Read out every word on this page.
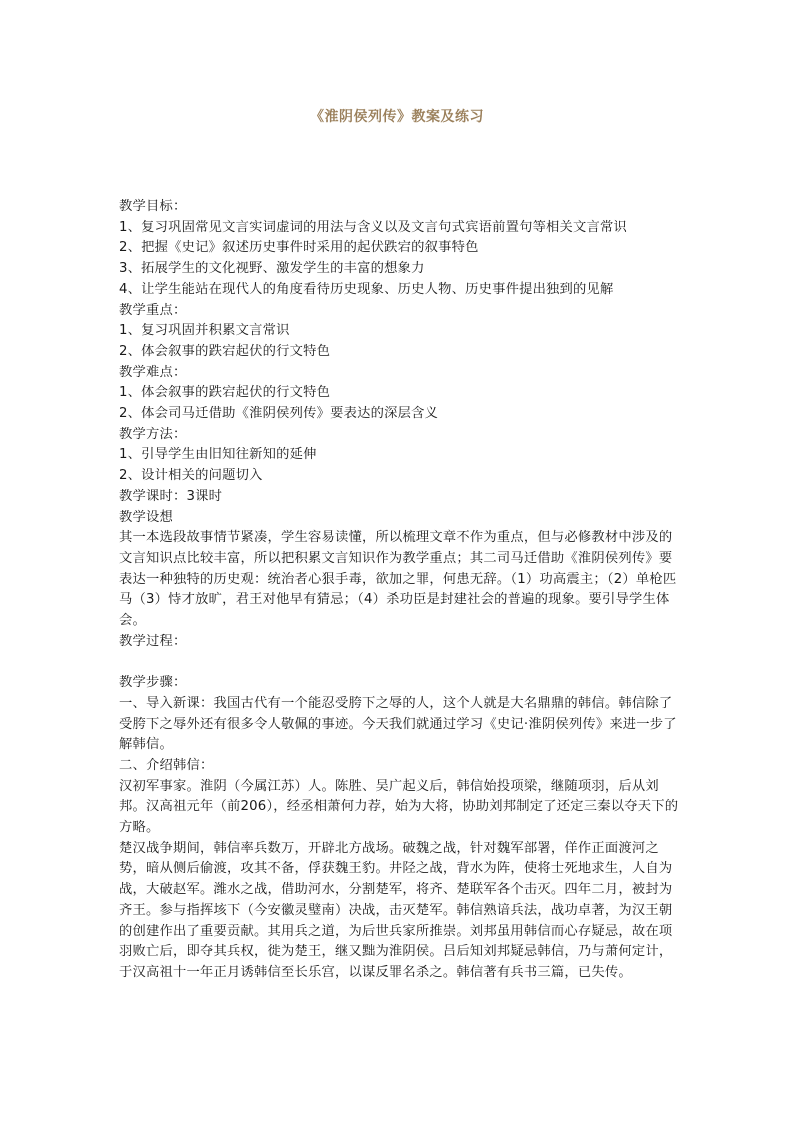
《淮阴侯列传》教案及练习

教学目标：

1、复习巩固常见文言实词虚词的用法与含义以及文言句式宾语前置句等相关文言常识

2、把握《史记》叙述历史事件时采用的起伏跌宕的叙事特色

3、拓展学生的文化视野、激发学生的丰富的想象力

4、让学生能站在现代人的角度看待历史现象、历史人物、历史事件提出独到的见解

教学重点：

1、复习巩固并积累文言常识

2、体会叙事的跌宕起伏的行文特色

教学难点：

1、体会叙事的跌宕起伏的行文特色

2、体会司马迁借助《淮阴侯列传》要表达的深层含义

教学方法：

1、引导学生由旧知往新知的延伸

2、设计相关的问题切入

教学课时：3课时

教学设想

其一本选段故事情节紧凑，学生容易读懂，所以梳理文章不作为重点，但与必修教材中涉及的文言知识点比较丰富，所以把积累文言知识作为教学重点；其二司马迁借助《淮阴侯列传》要表达一种独特的历史观：统治者心狠手毒，欲加之罪，何患无辞。（1）功高震主；（2）单枪匹马（3）恃才放旷，君王对他早有猜忌；（4）杀功臣是封建社会的普遍的现象。要引导学生体会。

教学过程：

教学步骤：

一、导入新课：我国古代有一个能忍受胯下之辱的人，这个人就是大名鼎鼎的韩信。韩信除了受胯下之辱外还有很多令人敬佩的事迹。今天我们就通过学习《史记·淮阴侯列传》来进一步了解韩信。

二、介绍韩信：

汉初军事家。淮阴（今属江苏）人。陈胜、吴广起义后，韩信始投项梁，继随项羽，后从刘邦。汉高祖元年（前206），经丞相萧何力荐，始为大将，协助刘邦制定了还定三秦以夺天下的方略。

楚汉战争期间，韩信率兵数万，开辟北方战场。破魏之战，针对魏军部署，佯作正面渡河之势，暗从侧后偷渡，攻其不备，俘获魏王豹。井陉之战，背水为阵，使将士死地求生，人自为战，大破赵军。潍水之战，借助河水，分割楚军，将齐、楚联军各个击灭。四年二月，被封为齐王。参与指挥垓下（今安徽灵璧南）决战，击灭楚军。韩信熟谙兵法，战功卓著，为汉王朝的创建作出了重要贡献。其用兵之道，为后世兵家所推崇。刘邦虽用韩信而心存疑忌，故在项羽败亡后，即夺其兵权，徙为楚王，继又黜为淮阴侯。吕后知刘邦疑忌韩信，乃与萧何定计，于汉高祖十一年正月诱韩信至长乐宫，以谋反罪名杀之。韩信著有兵书三篇，已失传。
